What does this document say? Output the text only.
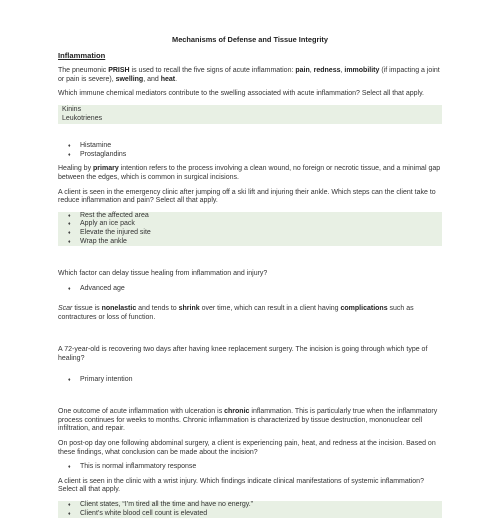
Mechanisms of Defense and Tissue Integrity
Inflammation

The pneumonic PRISH is used to recall the five signs of acute inflammation: pain, redness, immobility (if impacting a joint or pain is severe), swelling, and heat.

Which immune chemical mediators contribute to the swelling associated with acute inflammation? Select all that apply.

Kinins
Leukotrienes
♦ Histamine
♦ Prostaglandins

Healing by primary intention refers to the process involving a clean wound, no foreign or necrotic tissue, and a minimal gap between the edges, which is common in surgical incisions.

A client is seen in the emergency clinic after jumping off a ski lift and injuring their ankle. Which steps can the client take to reduce inflammation and pain? Select all that apply.

♦ Rest the affected area
♦ Apply an ice pack
♦ Elevate the injured site
♦ Wrap the ankle

Which factor can delay tissue healing from inflammation and injury?

♦ Advanced age

Scar tissue is nonelastic and tends to shrink over time, which can result in a client having complications such as contractures or loss of function.

A 72-year-old is recovering two days after having knee replacement surgery. The incision is going through which type of healing?

♦ Primary intention

One outcome of acute inflammation with ulceration is chronic inflammation. This is particularly true when the inflammatory process continues for weeks to months. Chronic inflammation is characterized by tissue destruction, mononuclear cell infiltration, and repair.

On post-op day one following abdominal surgery, a client is experiencing pain, heat, and redness at the incision. Based on these findings, what conclusion can be made about the incision?

♦ This is normal inflammatory response

A client is seen in the clinic with a wrist injury. Which findings indicate clinical manifestations of systemic inflammation? Select all that apply.

♦ Client states, “I’m tired all the time and have no energy.”
♦ Client’s white blood cell count is elevated
